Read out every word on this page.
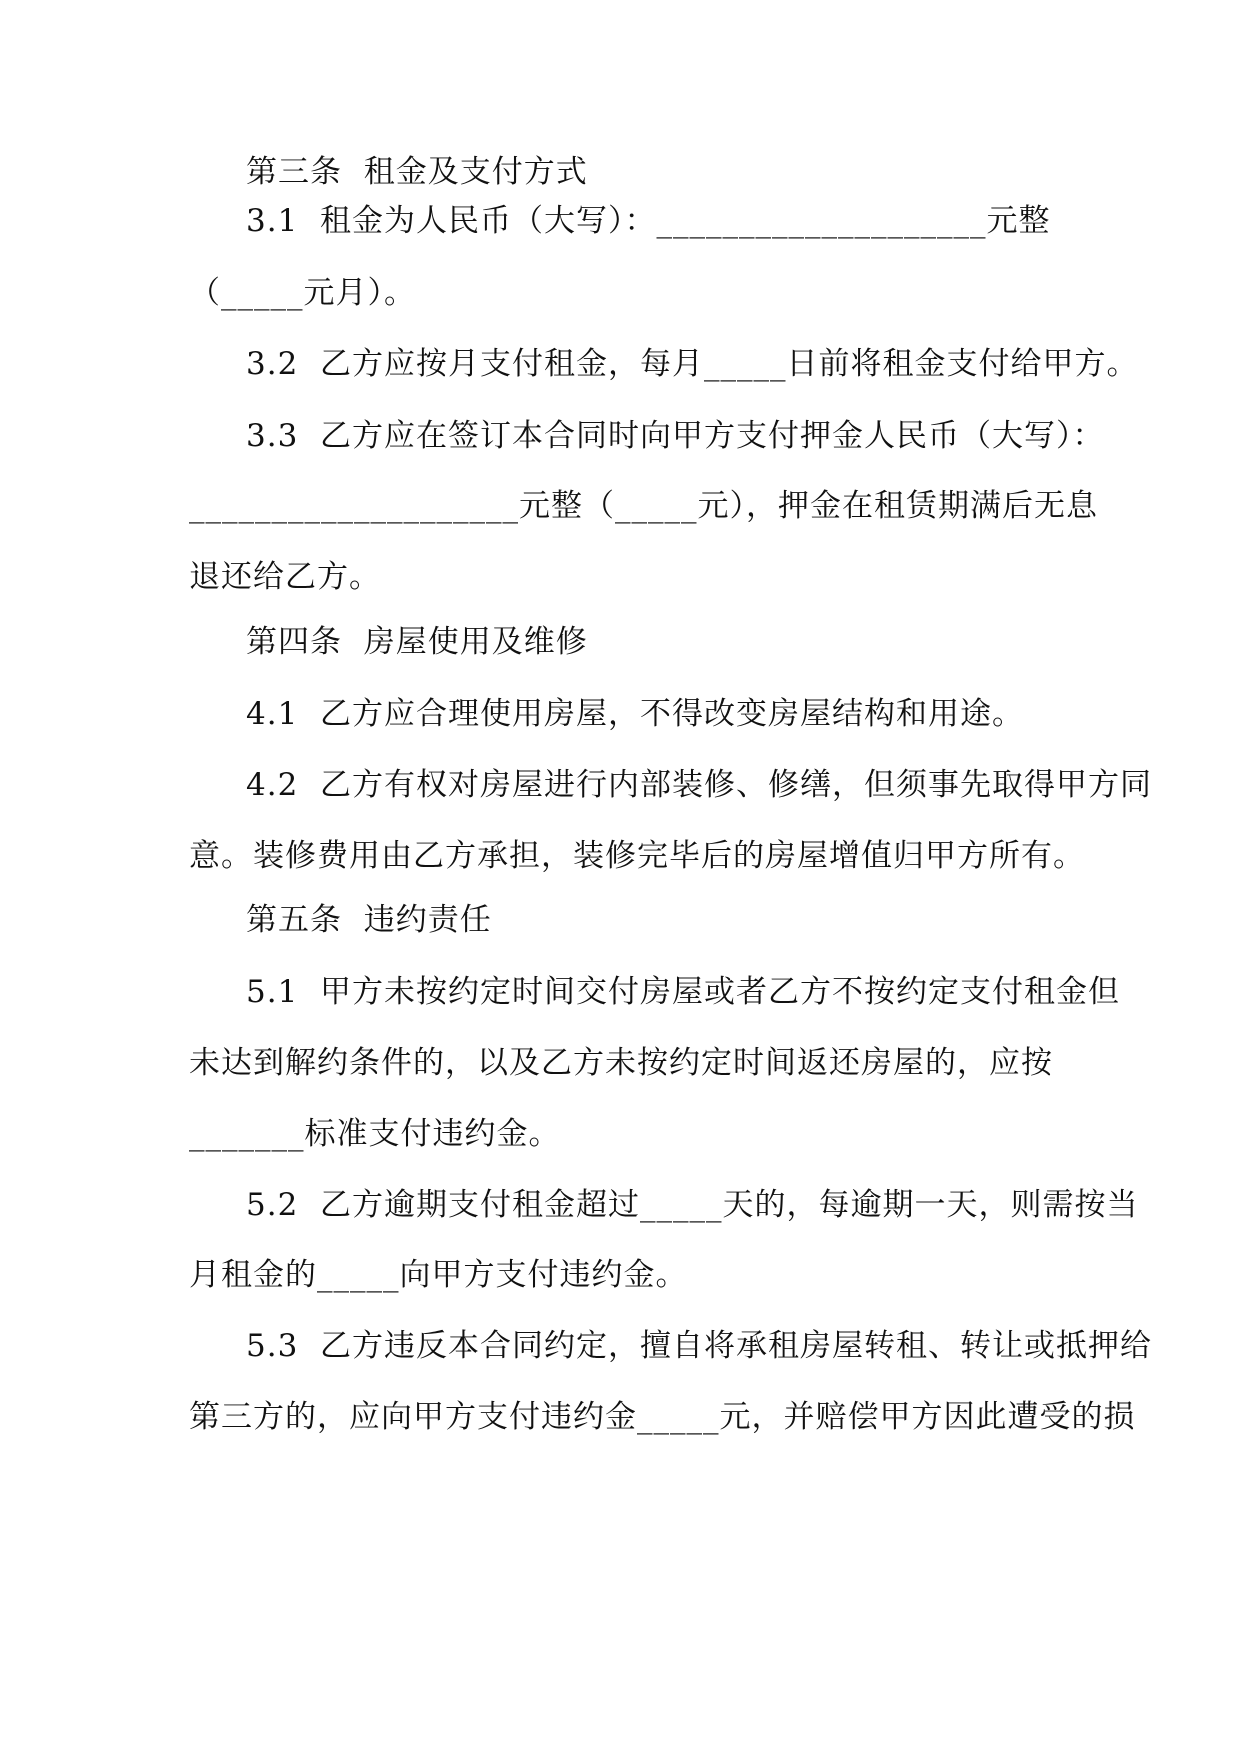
第三条  租金及支付方式
3.1  租金为人民币（大写）：____________________元整
（_____元月）。
3.2  乙方应按月支付租金，每月_____日前将租金支付给甲方。
3.3  乙方应在签订本合同时向甲方支付押金人民币（大写）：
____________________元整（_____元），押金在租赁期满后无息
退还给乙方。
第四条  房屋使用及维修
4.1  乙方应合理使用房屋，不得改变房屋结构和用途。
4.2  乙方有权对房屋进行内部装修、修缮，但须事先取得甲方同
意。装修费用由乙方承担，装修完毕后的房屋增值归甲方所有。
第五条  违约责任
5.1  甲方未按约定时间交付房屋或者乙方不按约定支付租金但
未达到解约条件的，以及乙方未按约定时间返还房屋的，应按
_______标准支付违约金。
5.2  乙方逾期支付租金超过_____天的，每逾期一天，则需按当
月租金的_____向甲方支付违约金。
5.3  乙方违反本合同约定，擅自将承租房屋转租、转让或抵押给
第三方的，应向甲方支付违约金_____元，并赔偿甲方因此遭受的损
